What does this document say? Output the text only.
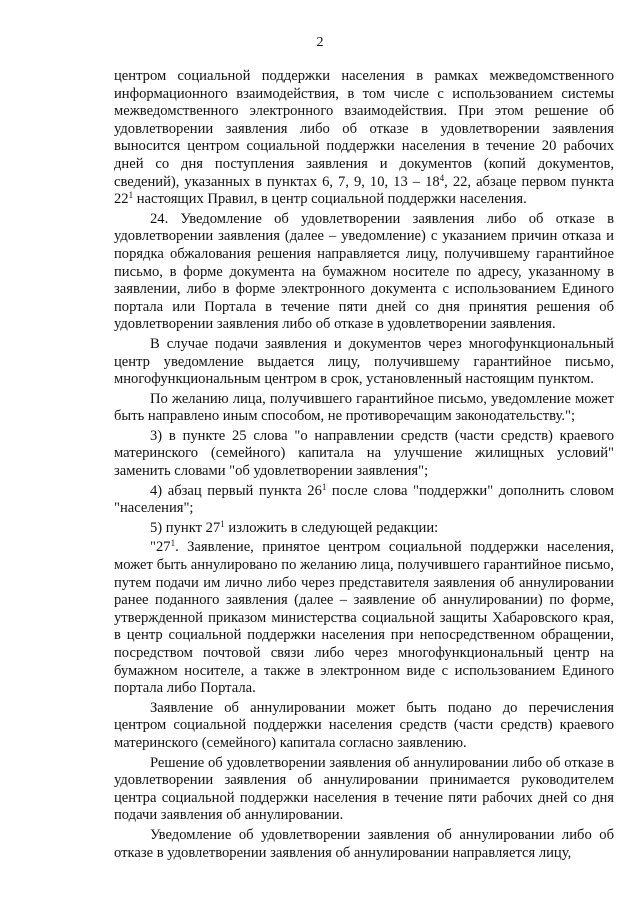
2

центром социальной поддержки населения в рамках межведомственного информационного взаимодействия, в том числе с использованием системы межведомственного электронного взаимодействия. При этом решение об удовлетворении заявления либо об отказе в удовлетворении заявления выносится центром социальной поддержки населения в течение 20 рабочих дней со дня поступления заявления и документов (копий документов, сведений), указанных в пунктах 6, 7, 9, 10, $13 - 18^4$, 22, абзаце первом пункта $22^1$ настоящих Правил, в центр социальной поддержки населения.

24. Уведомление об удовлетворении заявления либо об отказе в удовлетворении заявления (далее – уведомление) с указанием причин отказа и порядка обжалования решения направляется лицу, получившему гарантийное письмо, в форме документа на бумажном носителе по адресу, указанному в заявлении, либо в форме электронного документа с использованием Единого портала или Портала в течение пяти дней со дня принятия решения об удовлетворении заявления либо об отказе в удовлетворении заявления.

В случае подачи заявления и документов через многофункциональный центр уведомление выдается лицу, получившему гарантийное письмо, многофункциональным центром в срок, установленный настоящим пунктом.

По желанию лица, получившего гарантийное письмо, уведомление может быть направлено иным способом, не противоречащим законодательству.";

3) в пункте 25 слова "о направлении средств (части средств) краевого материнского (семейного) капитала на улучшение жилищных условий" заменить словами "об удовлетворении заявления";

4) абзац первый пункта $26^1$ после слова "поддержки" дополнить словом "населения";

5) пункт $27^1$ изложить в следующей редакции:

"$27^1$. Заявление, принятое центром социальной поддержки населения, может быть аннулировано по желанию лица, получившего гарантийное письмо, путем подачи им лично либо через представителя заявления об аннулировании ранее поданного заявления (далее – заявление об аннулировании) по форме, утвержденной приказом министерства социальной защиты Хабаровского края, в центр социальной поддержки населения при непосредственном обращении, посредством почтовой связи либо через многофункциональный центр на бумажном носителе, а также в электронном виде с использованием Единого портала либо Портала.

Заявление об аннулировании может быть подано до перечисления центром социальной поддержки населения средств (части средств) краевого материнского (семейного) капитала согласно заявлению.

Решение об удовлетворении заявления об аннулировании либо об отказе в удовлетворении заявления об аннулировании принимается руководителем центра социальной поддержки населения в течение пяти рабочих дней со дня подачи заявления об аннулировании.

Уведомление об удовлетворении заявления об аннулировании либо об отказе в удовлетворении заявления об аннулировании направляется лицу,
